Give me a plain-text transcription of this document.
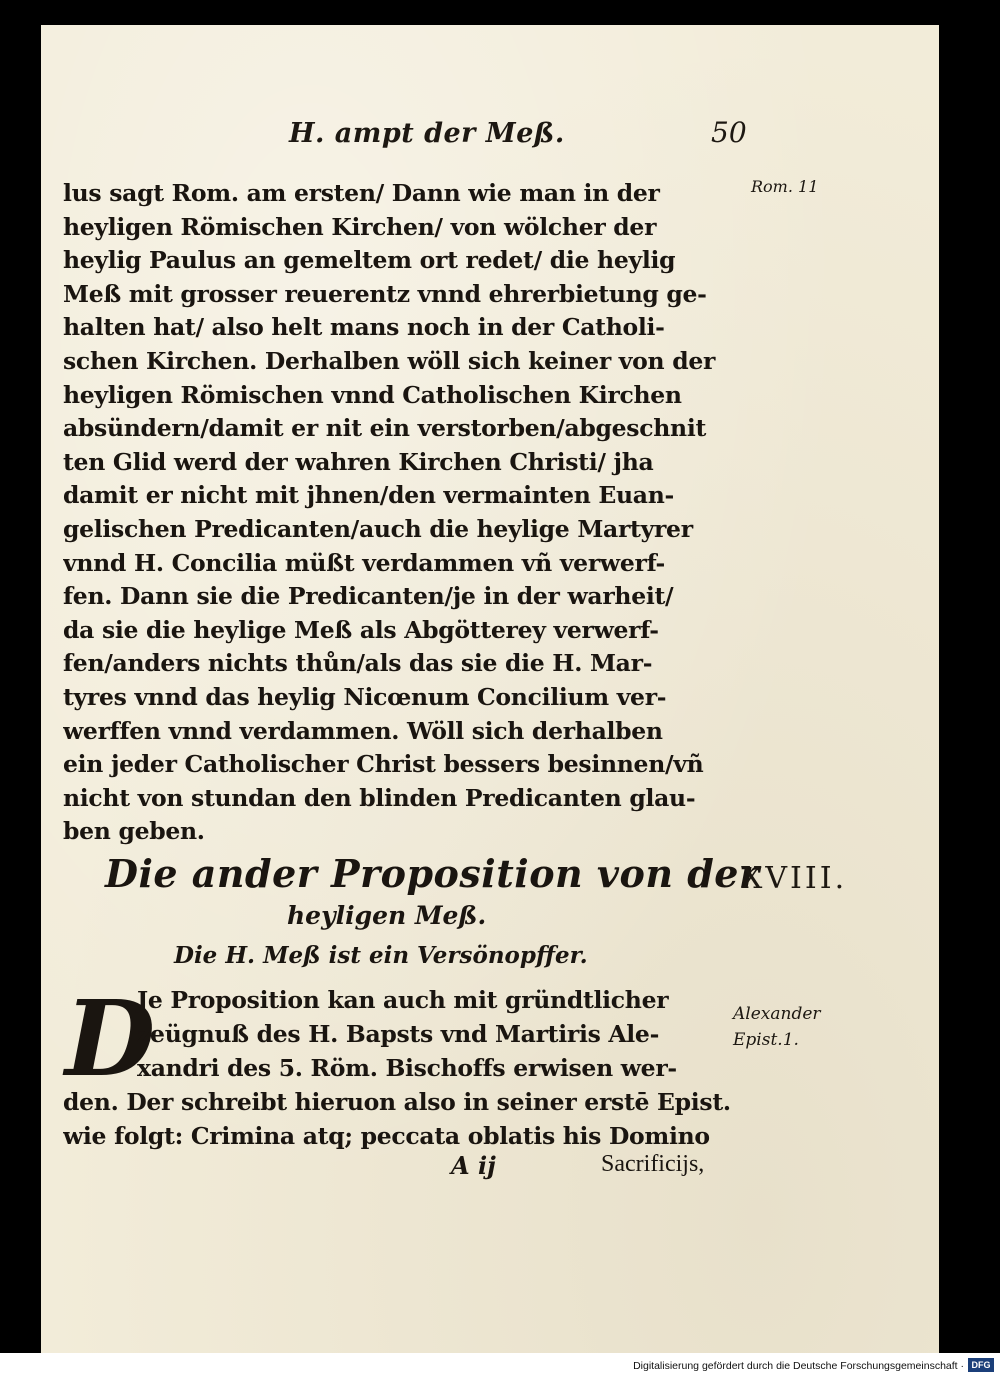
H. ampt der Meß.	50
Rom. 11
lus sagt Rom. am ersten/ Dann wie man in der
heyligen Römischen Kirchen/ von wölcher der
heylig Paulus an gemeltem ort redet/ die heylig
Meß mit grosser reuerentz vnnd ehrerbietung ge-
halten hat/ also helt mans noch in der Catholi-
schen Kirchen. Derhalben wöll sich keiner von der
heyligen Römischen vnnd Catholischen Kirchen
absündern/damit er nit ein verstorben/abgeschnit
ten Glid werd der wahren Kirchen Christi/ jha
damit er nicht mit jhnen/den vermainten Euan-
gelischen Predicanten/auch die heylige Martyrer
vnnd H. Concilia müßt verdammen vñ verwerf-
fen. Dann sie die Predicanten/je in der warheit/
da sie die heylige Meß als Abgötterey verwerf-
fen/anders nichts thůn/als das sie die H. Mar-
tyres vnnd das heylig Nicœnum Concilium ver-
werffen vnnd verdammen. Wöll sich derhalben
ein jeder Catholischer Christ bessers besinnen/vñ
nicht von stundan den blinden Predicanten glau-
ben geben.
Die ander Proposition von der
heyligen Meß.
XVIII.
Die H. Meß ist ein Versönopffer.
D
Je Proposition kan auch mit gründtlicher
zeügnuß des H. Bapsts vnd Martiris Ale-
xandri des 5. Röm. Bischoffs erwisen wer-
den. Der schreibt hieruon also in seiner erstē Epist.
wie folgt: Crimina atq; peccata oblatis his Domino
Alexander
Epist.1.
A ij	Sacrificijs,
Digitalisierung gefördert durch die Deutsche Forschungsgemeinschaft · DFG
